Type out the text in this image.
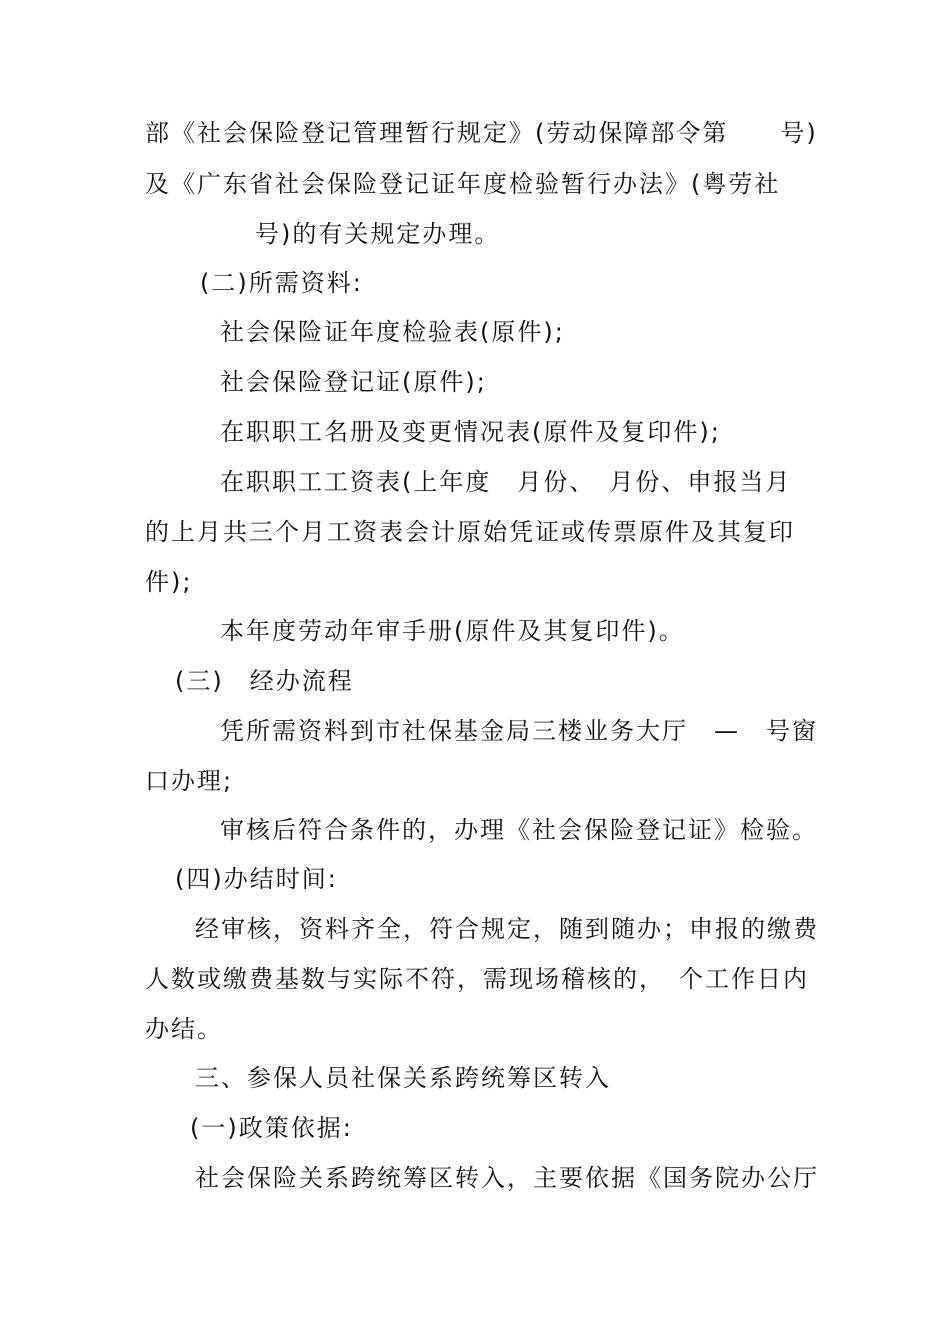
部《社会保险登记管理暂行规定》(劳动保障部令第　　号)
及《广东省社会保险登记证年度检验暂行办法》(粤劳社
号)的有关规定办理。
(二)所需资料:
社会保险证年度检验表(原件);
社会保险登记证(原件);
在职职工名册及变更情况表(原件及复印件);
在职职工工资表(上年度　月份、　月份、申报当月
的上月共三个月工资表会计原始凭证或传票原件及其复印
件);
本年度劳动年审手册(原件及其复印件)。
(三)　经办流程
凭所需资料到市社保基金局三楼业务大厅　—　号窗
口办理;
审核后符合条件的，办理《社会保险登记证》检验。
(四)办结时间:
经审核，资料齐全，符合规定，随到随办；申报的缴费
人数或缴费基数与实际不符，需现场稽核的，　个工作日内
办结。
三、参保人员社保关系跨统筹区转入
(一)政策依据:
社会保险关系跨统筹区转入，主要依据《国务院办公厅
